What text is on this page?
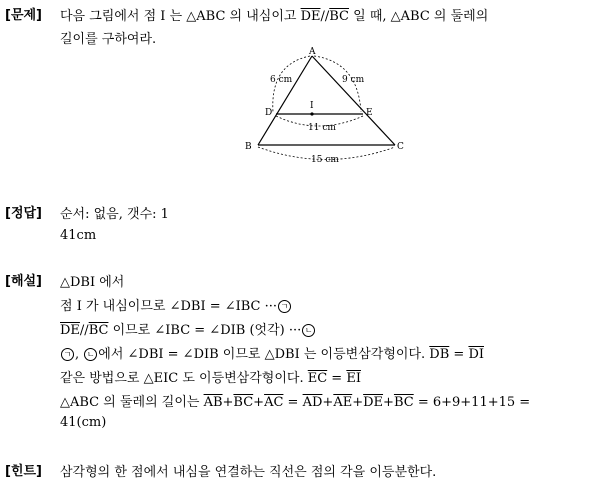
[문제] 다음 그림에서 점 I 는 △ABC 의 내심이고 $\overline{DE}//\overline{BC}$ 일 때, △ABC 의 둘레의
길이를 구하여라.
A
B	C
D	E
I
6 cm	9 cm
11 cm
15 cm
[정답] 순서: 없음, 갯수: 1
41cm
[해설] △DBI 에서
점 I 가 내심이므로 ∠DBI = ∠IBC ··· ㄱ
$\overline{DE}//\overline{BC}$ 이므로 ∠IBC = ∠DIB (엇각) ··· ㄴ
ㄱ , ㄴ 에서 ∠DBI = ∠DIB 이므로 △DBI 는 이등변삼각형이다. $\overline{DB} = \overline{DI}$
같은 방법으로 △EIC 도 이등변삼각형이다. $\overline{EC} = \overline{EI}$
△ABC 의 둘레의 길이는 $\overline{AB}+\overline{BC}+\overline{AC} = \overline{AD}+\overline{AE}+\overline{DE}+\overline{BC} = 6+9+11+15$ =
41(cm)
[힌트] 삼각형의 한 점에서 내심을 연결하는 직선은 점의 각을 이등분한다.
